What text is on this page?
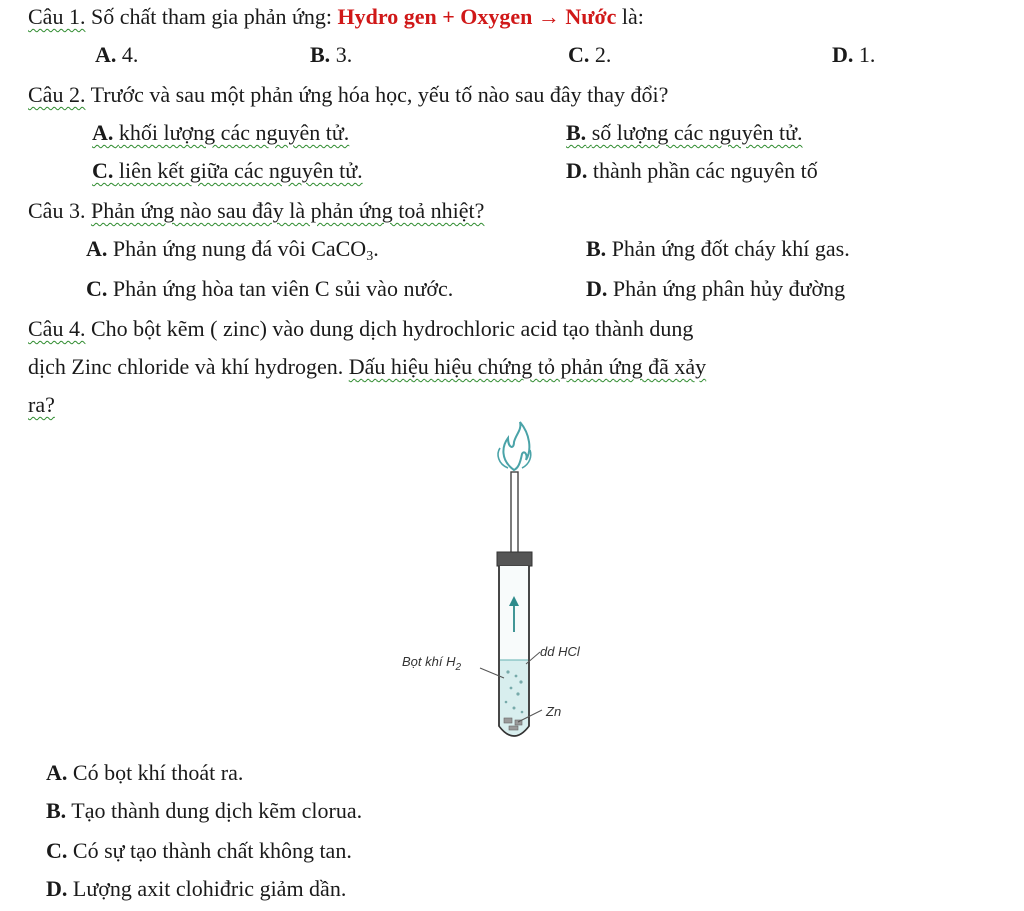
Câu 1. Số chất tham gia phản ứng: Hydro gen + Oxygen → Nước là:
A. 4.	B. 3.	C. 2.	D. 1.
Câu 2. Trước và sau một phản ứng hóa học, yếu tố nào sau đây thay đổi?
A. khối lượng các nguyên tử.	B. số lượng các nguyên tử.
C. liên kết giữa các nguyên tử.	D. thành phần các nguyên tố
Câu 3. Phản ứng nào sau đây là phản ứng toả nhiệt?
A. Phản ứng nung đá vôi CaCO$_3$.	B. Phản ứng đốt cháy khí gas.
C. Phản ứng hòa tan viên C sủi vào nước.	D. Phản ứng phân hủy đường
Câu 4. Cho bột kẽm ( zinc) vào dung dịch hydrochloric acid tạo thành dung
dịch Zinc chloride và khí hydrogen. Dấu hiệu hiệu chứng tỏ phản ứng đã xảy
ra?
Bọt khí $H_2$
dd HCl
Zn
A. Có bọt khí thoát ra.
B. Tạo thành dung dịch kẽm clorua.
C. Có sự tạo thành chất không tan.
D. Lượng axit clohiđric giảm dần.
